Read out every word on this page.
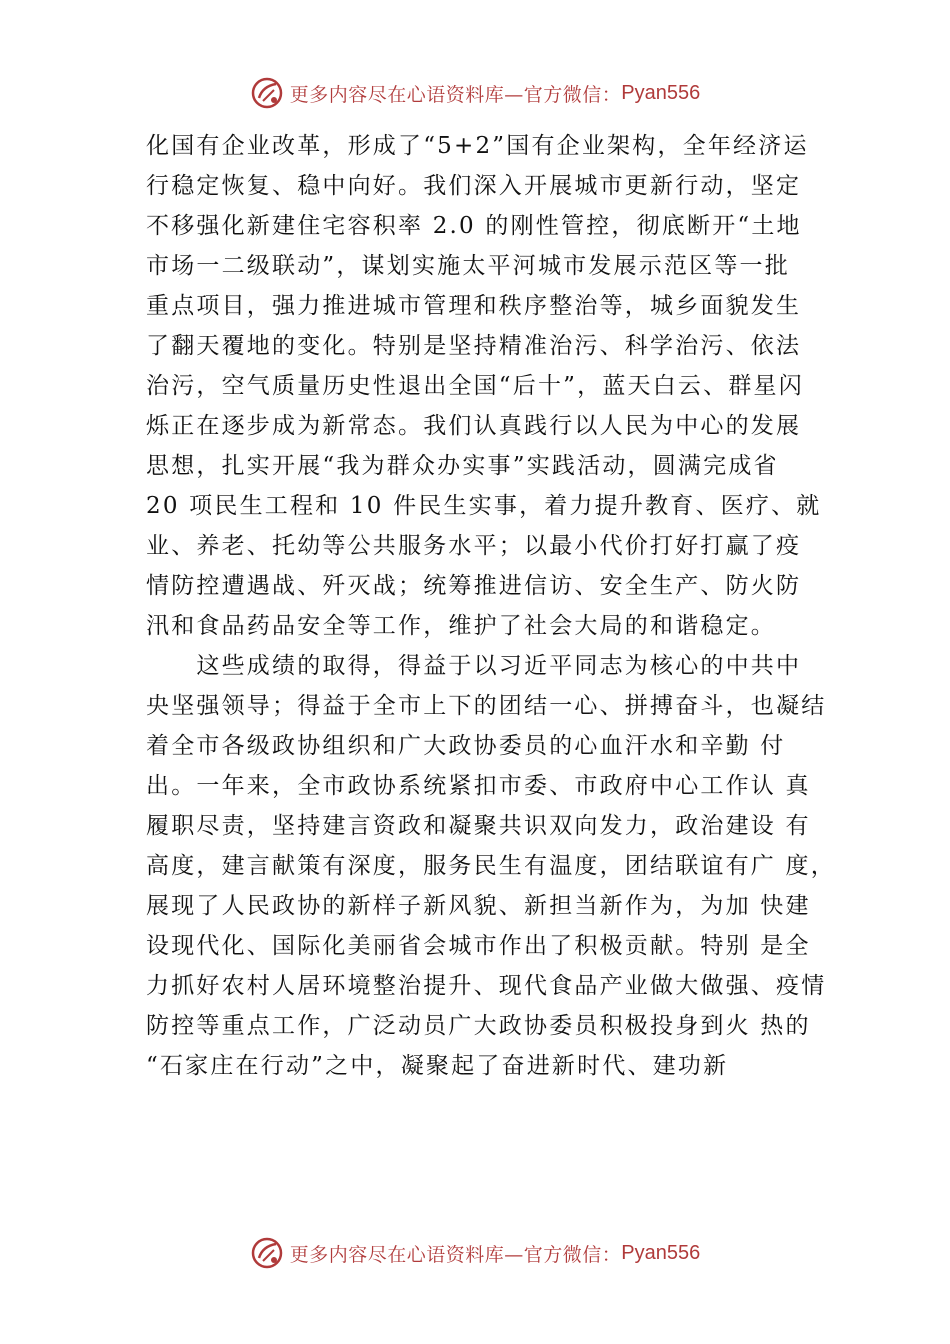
更多内容尽在心语资料库—官方微信： Pyan556
化国有企业改革，形成了“5+2”国有企业架构，全年经济运
行稳定恢复、稳中向好。我们深入开展城市更新行动，坚定
不移强化新建住宅容积率 2.0 的刚性管控，彻底断开“土地
市场一二级联动”，谋划实施太平河城市发展示范区等一批
重点项目，强力推进城市管理和秩序整治等，城乡面貌发生
了翻天覆地的变化。特别是坚持精准治污、科学治污、依法
治污，空气质量历史性退出全国“后十”，蓝天白云、群星闪
烁正在逐步成为新常态。我们认真践行以人民为中心的发展
思想，扎实开展“我为群众办实事”实践活动，圆满完成省
20 项民生工程和 10 件民生实事，着力提升教育、医疗、就
业、养老、托幼等公共服务水平；以最小代价打好打赢了疫
情防控遭遇战、歼灭战；统筹推进信访、安全生产、防火防
汛和食品药品安全等工作，维护了社会大局的和谐稳定。
　　这些成绩的取得，得益于以习近平同志为核心的中共中
央坚强领导；得益于全市上下的团结一心、拼搏奋斗，也凝结
着全市各级政协组织和广大政协委员的心血汗水和辛勤 付
出。一年来，全市政协系统紧扣市委、市政府中心工作认 真
履职尽责，坚持建言资政和凝聚共识双向发力，政治建设 有
高度，建言献策有深度，服务民生有温度，团结联谊有广 度，
展现了人民政协的新样子新风貌、新担当新作为，为加 快建
设现代化、国际化美丽省会城市作出了积极贡献。特别 是全
力抓好农村人居环境整治提升、现代食品产业做大做强、疫情
防控等重点工作，广泛动员广大政协委员积极投身到火 热的
“石家庄在行动”之中，凝聚起了奋进新时代、建功新
更多内容尽在心语资料库—官方微信： Pyan556
